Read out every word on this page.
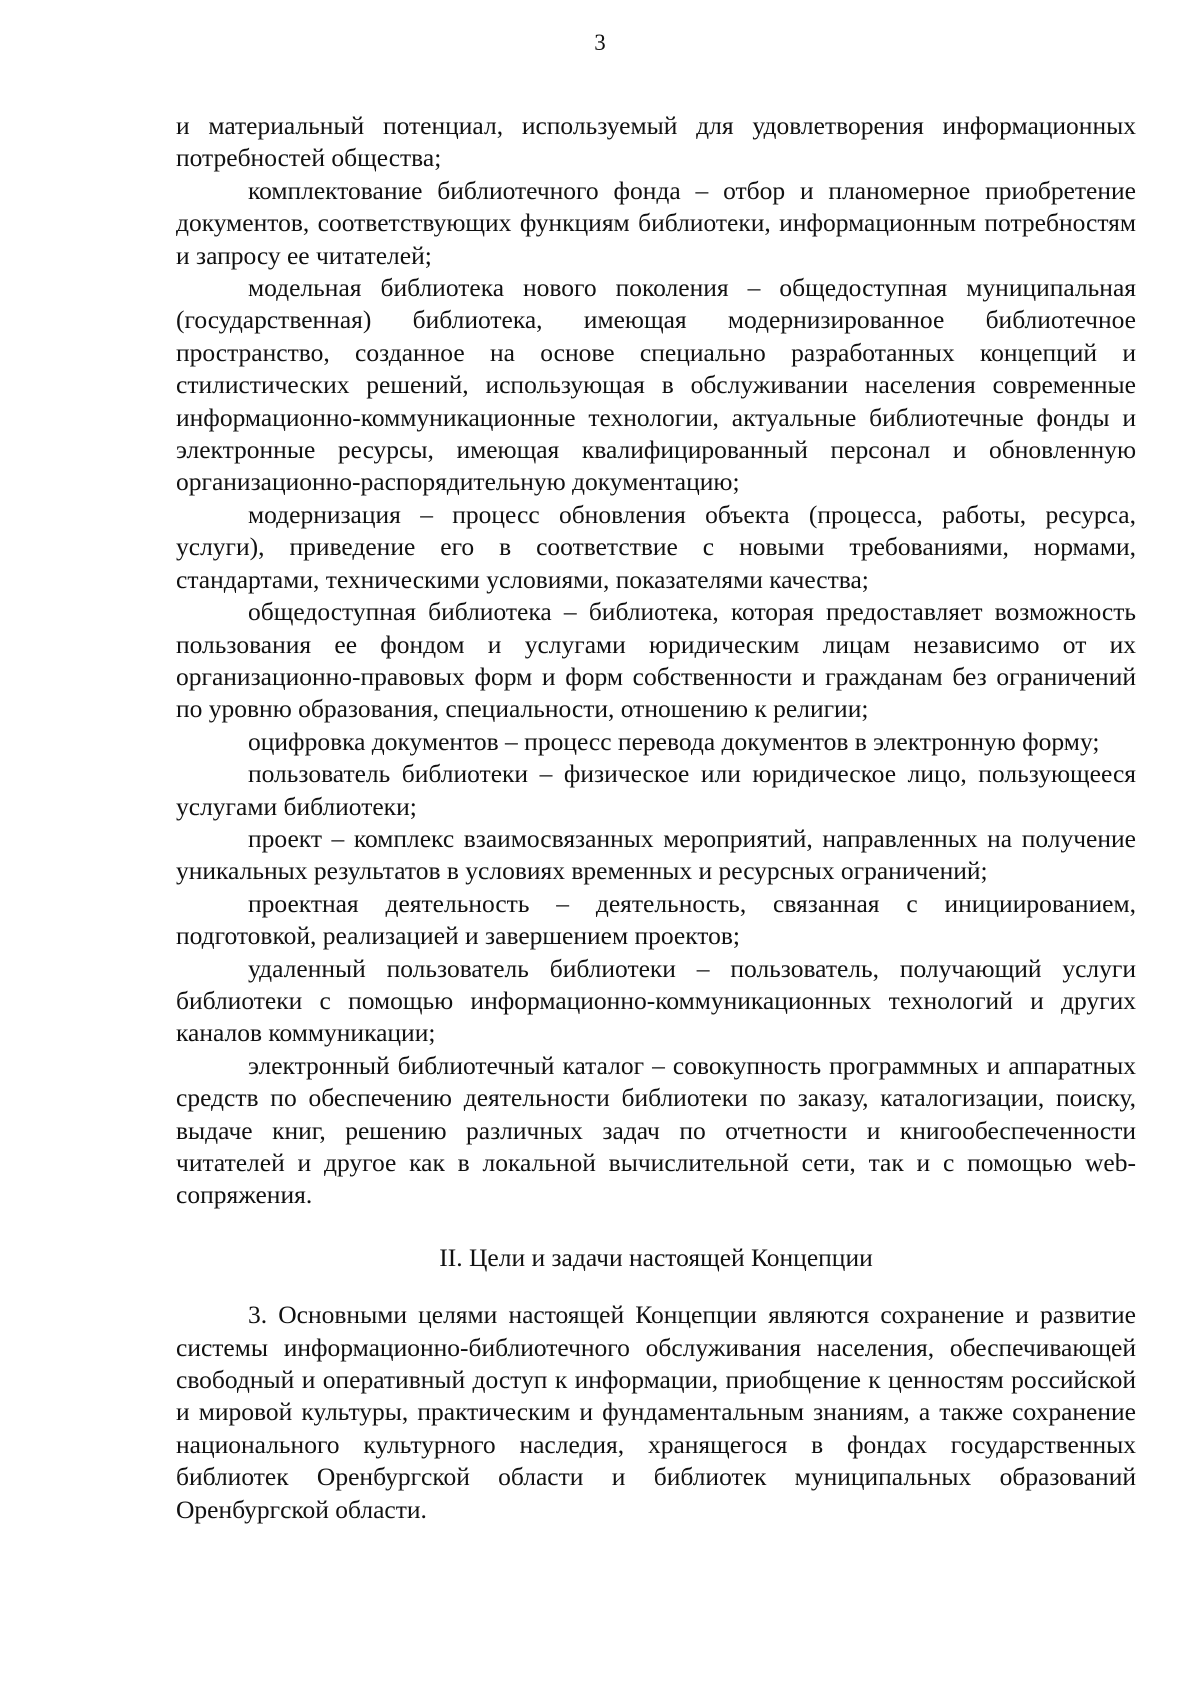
3

и материальный потенциал, используемый для удовлетворения информационных потребностей общества;

комплектование библиотечного фонда – отбор и планомерное приобретение документов, соответствующих функциям библиотеки, информационным потребностям и запросу ее читателей;

модельная библиотека нового поколения – общедоступная муниципальная (государственная) библиотека, имеющая модернизированное библиотечное пространство, созданное на основе специально разработанных концепций и стилистических решений, использующая в обслуживании населения современные информационно-коммуникационные технологии, актуальные библиотечные фонды и электронные ресурсы, имеющая квалифицированный персонал и обновленную организационно-распорядительную документацию;

модернизация – процесс обновления объекта (процесса, работы, ресурса, услуги), приведение его в соответствие с новыми требованиями, нормами, стандартами, техническими условиями, показателями качества;

общедоступная библиотека – библиотека, которая предоставляет возможность пользования ее фондом и услугами юридическим лицам независимо от их организационно-правовых форм и форм собственности и гражданам без ограничений по уровню образования, специальности, отношению к религии;

оцифровка документов – процесс перевода документов в электронную форму;

пользователь библиотеки – физическое или юридическое лицо, пользующееся услугами библиотеки;

проект – комплекс взаимосвязанных мероприятий, направленных на получение уникальных результатов в условиях временных и ресурсных ограничений;

проектная деятельность – деятельность, связанная с инициированием, подготовкой, реализацией и завершением проектов;

удаленный пользователь библиотеки – пользователь, получающий услуги библиотеки с помощью информационно-коммуникационных технологий и других каналов коммуникации;

электронный библиотечный каталог – совокупность программных и аппаратных средств по обеспечению деятельности библиотеки по заказу, каталогизации, поиску, выдаче книг, решению различных задач по отчетности и книгообеспеченности читателей и другое как в локальной вычислительной сети, так и с помощью web-сопряжения.

II. Цели и задачи настоящей Концепции

3. Основными целями настоящей Концепции являются сохранение и развитие системы информационно-библиотечного обслуживания населения, обеспечивающей свободный и оперативный доступ к информации, приобщение к ценностям российской и мировой культуры, практическим и фундаментальным знаниям, а также сохранение национального культурного наследия, хранящегося в фондах государственных библиотек Оренбургской области и библиотек муниципальных образований Оренбургской области.
